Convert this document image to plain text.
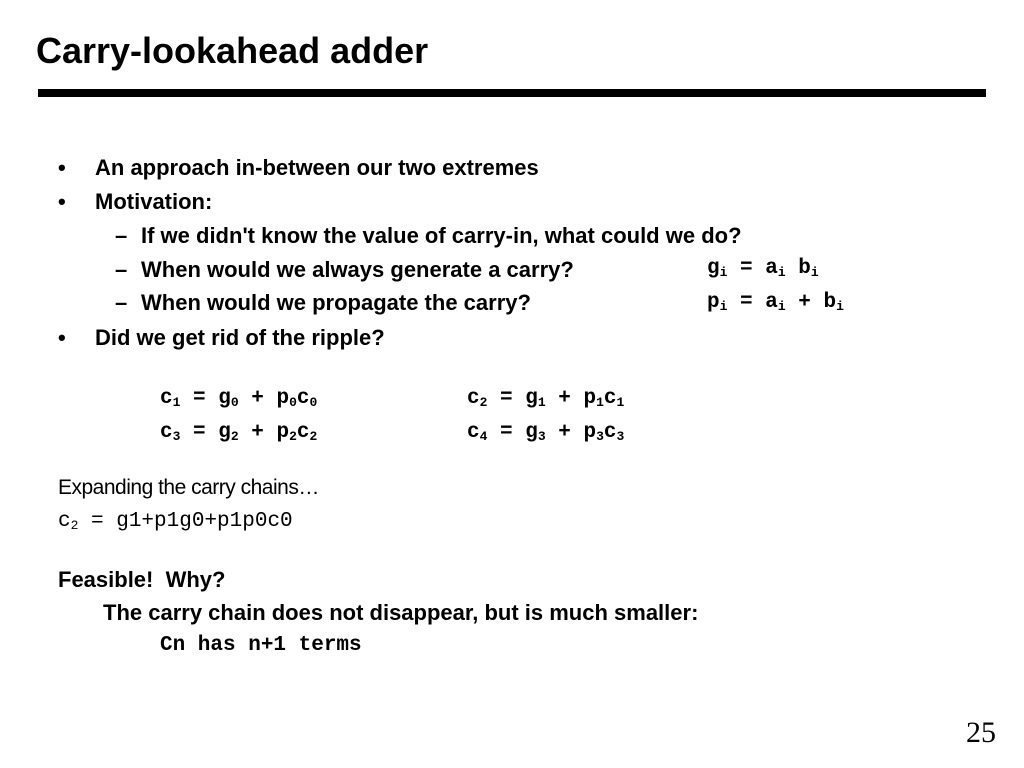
Carry-lookahead adder
• An approach in-between our two extremes
• Motivation:
– If we didn't know the value of carry-in, what could we do?
– When would we always generate a carry?	$g_i = a_i$ $b_i$
– When would we propagate the carry?	$p_i = a_i + b_i$
• Did we get rid of the ripple?
$c_1 = g_0 + p_0c_0$	$c_2 = g_1 + p_1c_1$
$c_3 = g_2 + p_2c_2$	$c_4 = g_3 + p_3c_3$
Expanding the carry chains…
$c_2 = g1+p1g0+p1p0c0$
Feasible!  Why?
The carry chain does not disappear, but is much smaller:
Cn has n+1 terms
25
